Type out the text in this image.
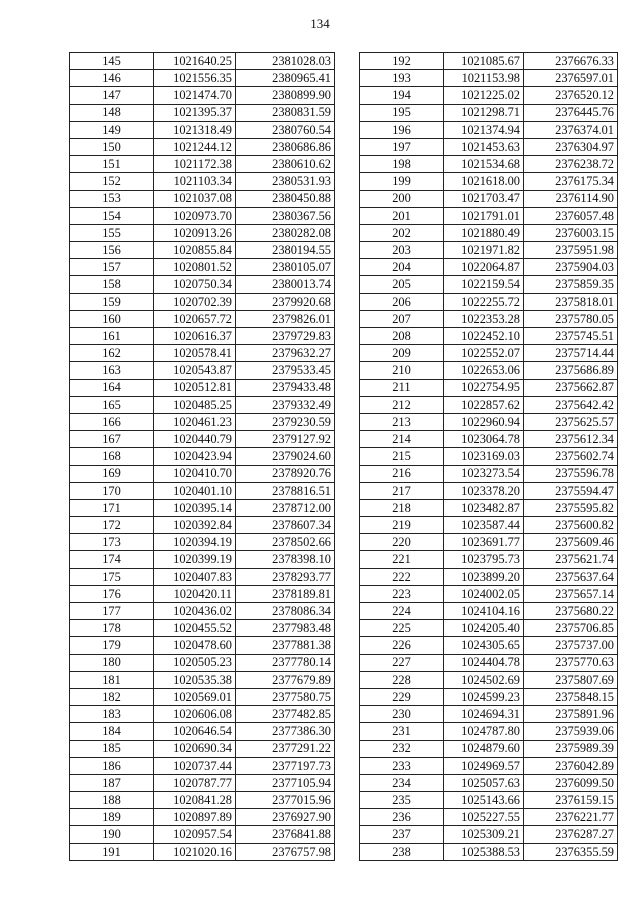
134
145	1021640.25	2381028.03
146	1021556.35	2380965.41
147	1021474.70	2380899.90
148	1021395.37	2380831.59
149	1021318.49	2380760.54
150	1021244.12	2380686.86
151	1021172.38	2380610.62
152	1021103.34	2380531.93
153	1021037.08	2380450.88
154	1020973.70	2380367.56
155	1020913.26	2380282.08
156	1020855.84	2380194.55
157	1020801.52	2380105.07
158	1020750.34	2380013.74
159	1020702.39	2379920.68
160	1020657.72	2379826.01
161	1020616.37	2379729.83
162	1020578.41	2379632.27
163	1020543.87	2379533.45
164	1020512.81	2379433.48
165	1020485.25	2379332.49
166	1020461.23	2379230.59
167	1020440.79	2379127.92
168	1020423.94	2379024.60
169	1020410.70	2378920.76
170	1020401.10	2378816.51
171	1020395.14	2378712.00
172	1020392.84	2378607.34
173	1020394.19	2378502.66
174	1020399.19	2378398.10
175	1020407.83	2378293.77
176	1020420.11	2378189.81
177	1020436.02	2378086.34
178	1020455.52	2377983.48
179	1020478.60	2377881.38
180	1020505.23	2377780.14
181	1020535.38	2377679.89
182	1020569.01	2377580.75
183	1020606.08	2377482.85
184	1020646.54	2377386.30
185	1020690.34	2377291.22
186	1020737.44	2377197.73
187	1020787.77	2377105.94
188	1020841.28	2377015.96
189	1020897.89	2376927.90
190	1020957.54	2376841.88
191	1021020.16	2376757.98
192	1021085.67	2376676.33
193	1021153.98	2376597.01
194	1021225.02	2376520.12
195	1021298.71	2376445.76
196	1021374.94	2376374.01
197	1021453.63	2376304.97
198	1021534.68	2376238.72
199	1021618.00	2376175.34
200	1021703.47	2376114.90
201	1021791.01	2376057.48
202	1021880.49	2376003.15
203	1021971.82	2375951.98
204	1022064.87	2375904.03
205	1022159.54	2375859.35
206	1022255.72	2375818.01
207	1022353.28	2375780.05
208	1022452.10	2375745.51
209	1022552.07	2375714.44
210	1022653.06	2375686.89
211	1022754.95	2375662.87
212	1022857.62	2375642.42
213	1022960.94	2375625.57
214	1023064.78	2375612.34
215	1023169.03	2375602.74
216	1023273.54	2375596.78
217	1023378.20	2375594.47
218	1023482.87	2375595.82
219	1023587.44	2375600.82
220	1023691.77	2375609.46
221	1023795.73	2375621.74
222	1023899.20	2375637.64
223	1024002.05	2375657.14
224	1024104.16	2375680.22
225	1024205.40	2375706.85
226	1024305.65	2375737.00
227	1024404.78	2375770.63
228	1024502.69	2375807.69
229	1024599.23	2375848.15
230	1024694.31	2375891.96
231	1024787.80	2375939.06
232	1024879.60	2375989.39
233	1024969.57	2376042.89
234	1025057.63	2376099.50
235	1025143.66	2376159.15
236	1025227.55	2376221.77
237	1025309.21	2376287.27
238	1025388.53	2376355.59
